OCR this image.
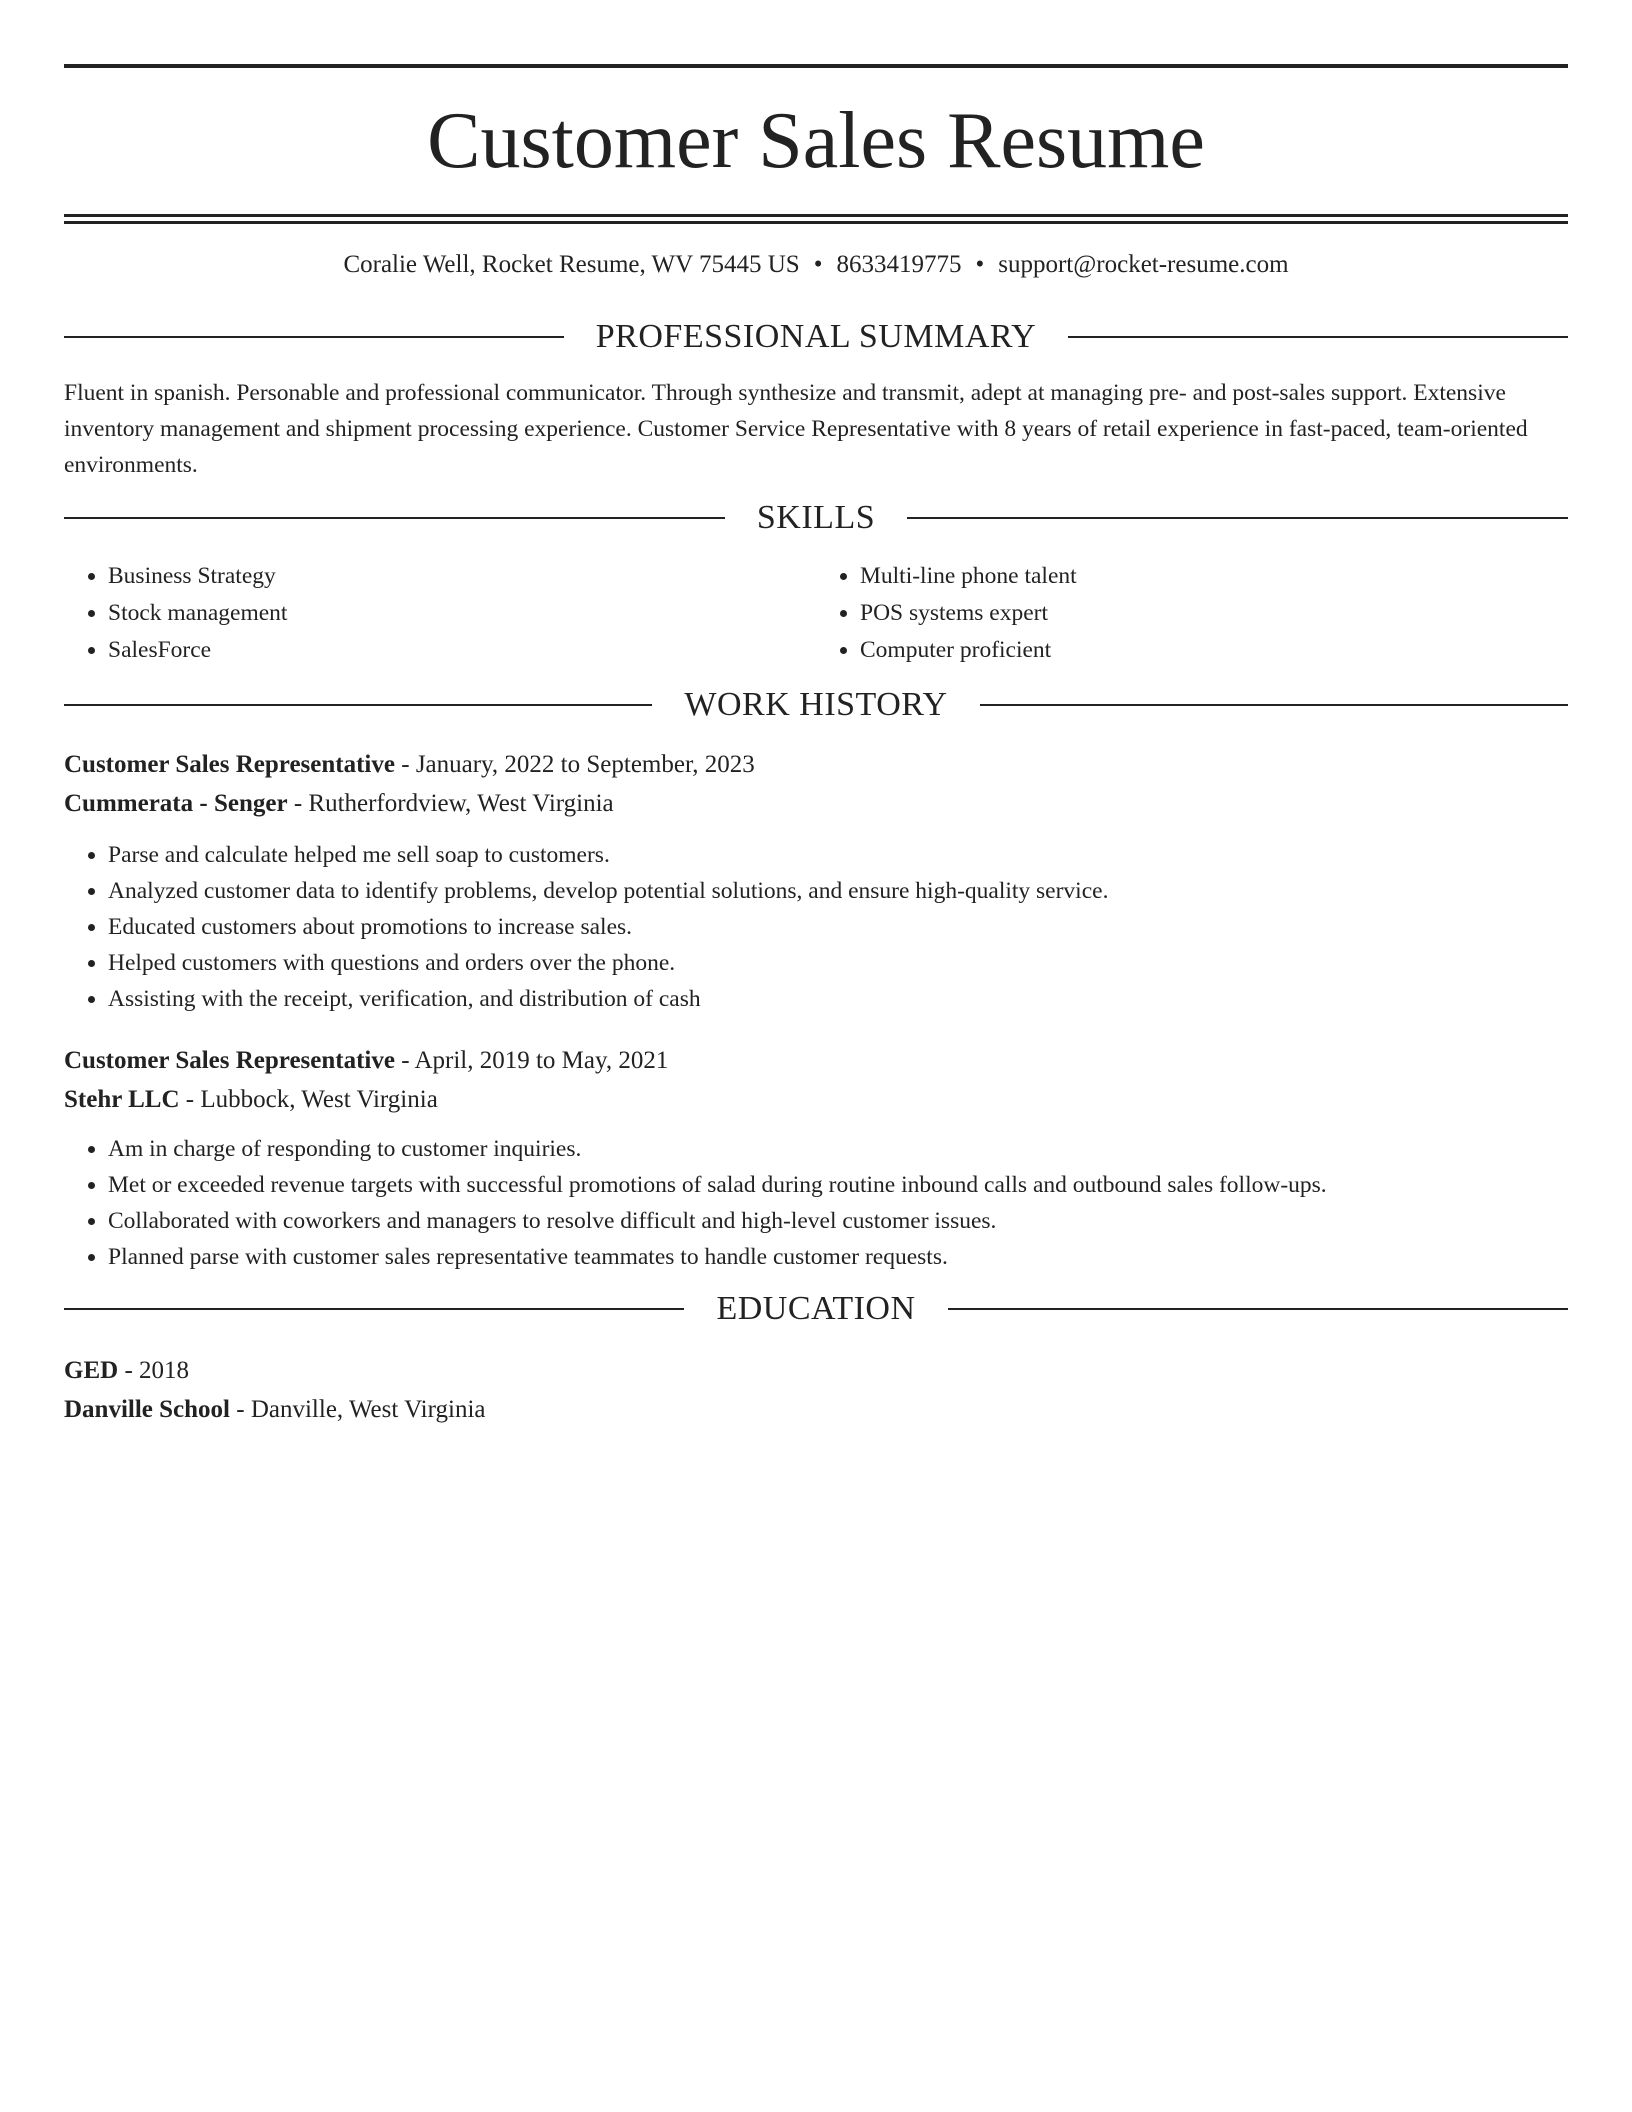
Customer Sales Resume
Coralie Well, Rocket Resume, WV 75445 US • 8633419775 • support@rocket-resume.com
PROFESSIONAL SUMMARY
Fluent in spanish. Personable and professional communicator. Through synthesize and transmit, adept at managing pre- and post-sales support. Extensive inventory management and shipment processing experience. Customer Service Representative with 8 years of retail experience in fast-paced, team-oriented environments.
SKILLS
• Business Strategy
• Stock management
• SalesForce
• Multi-line phone talent
• POS systems expert
• Computer proficient
WORK HISTORY
Customer Sales Representative - January, 2022 to September, 2023
Cummerata - Senger - Rutherfordview, West Virginia
• Parse and calculate helped me sell soap to customers.
• Analyzed customer data to identify problems, develop potential solutions, and ensure high-quality service.
• Educated customers about promotions to increase sales.
• Helped customers with questions and orders over the phone.
• Assisting with the receipt, verification, and distribution of cash
Customer Sales Representative - April, 2019 to May, 2021
Stehr LLC - Lubbock, West Virginia
• Am in charge of responding to customer inquiries.
• Met or exceeded revenue targets with successful promotions of salad during routine inbound calls and outbound sales follow-ups.
• Collaborated with coworkers and managers to resolve difficult and high-level customer issues.
• Planned parse with customer sales representative teammates to handle customer requests.
EDUCATION
GED - 2018
Danville School - Danville, West Virginia
